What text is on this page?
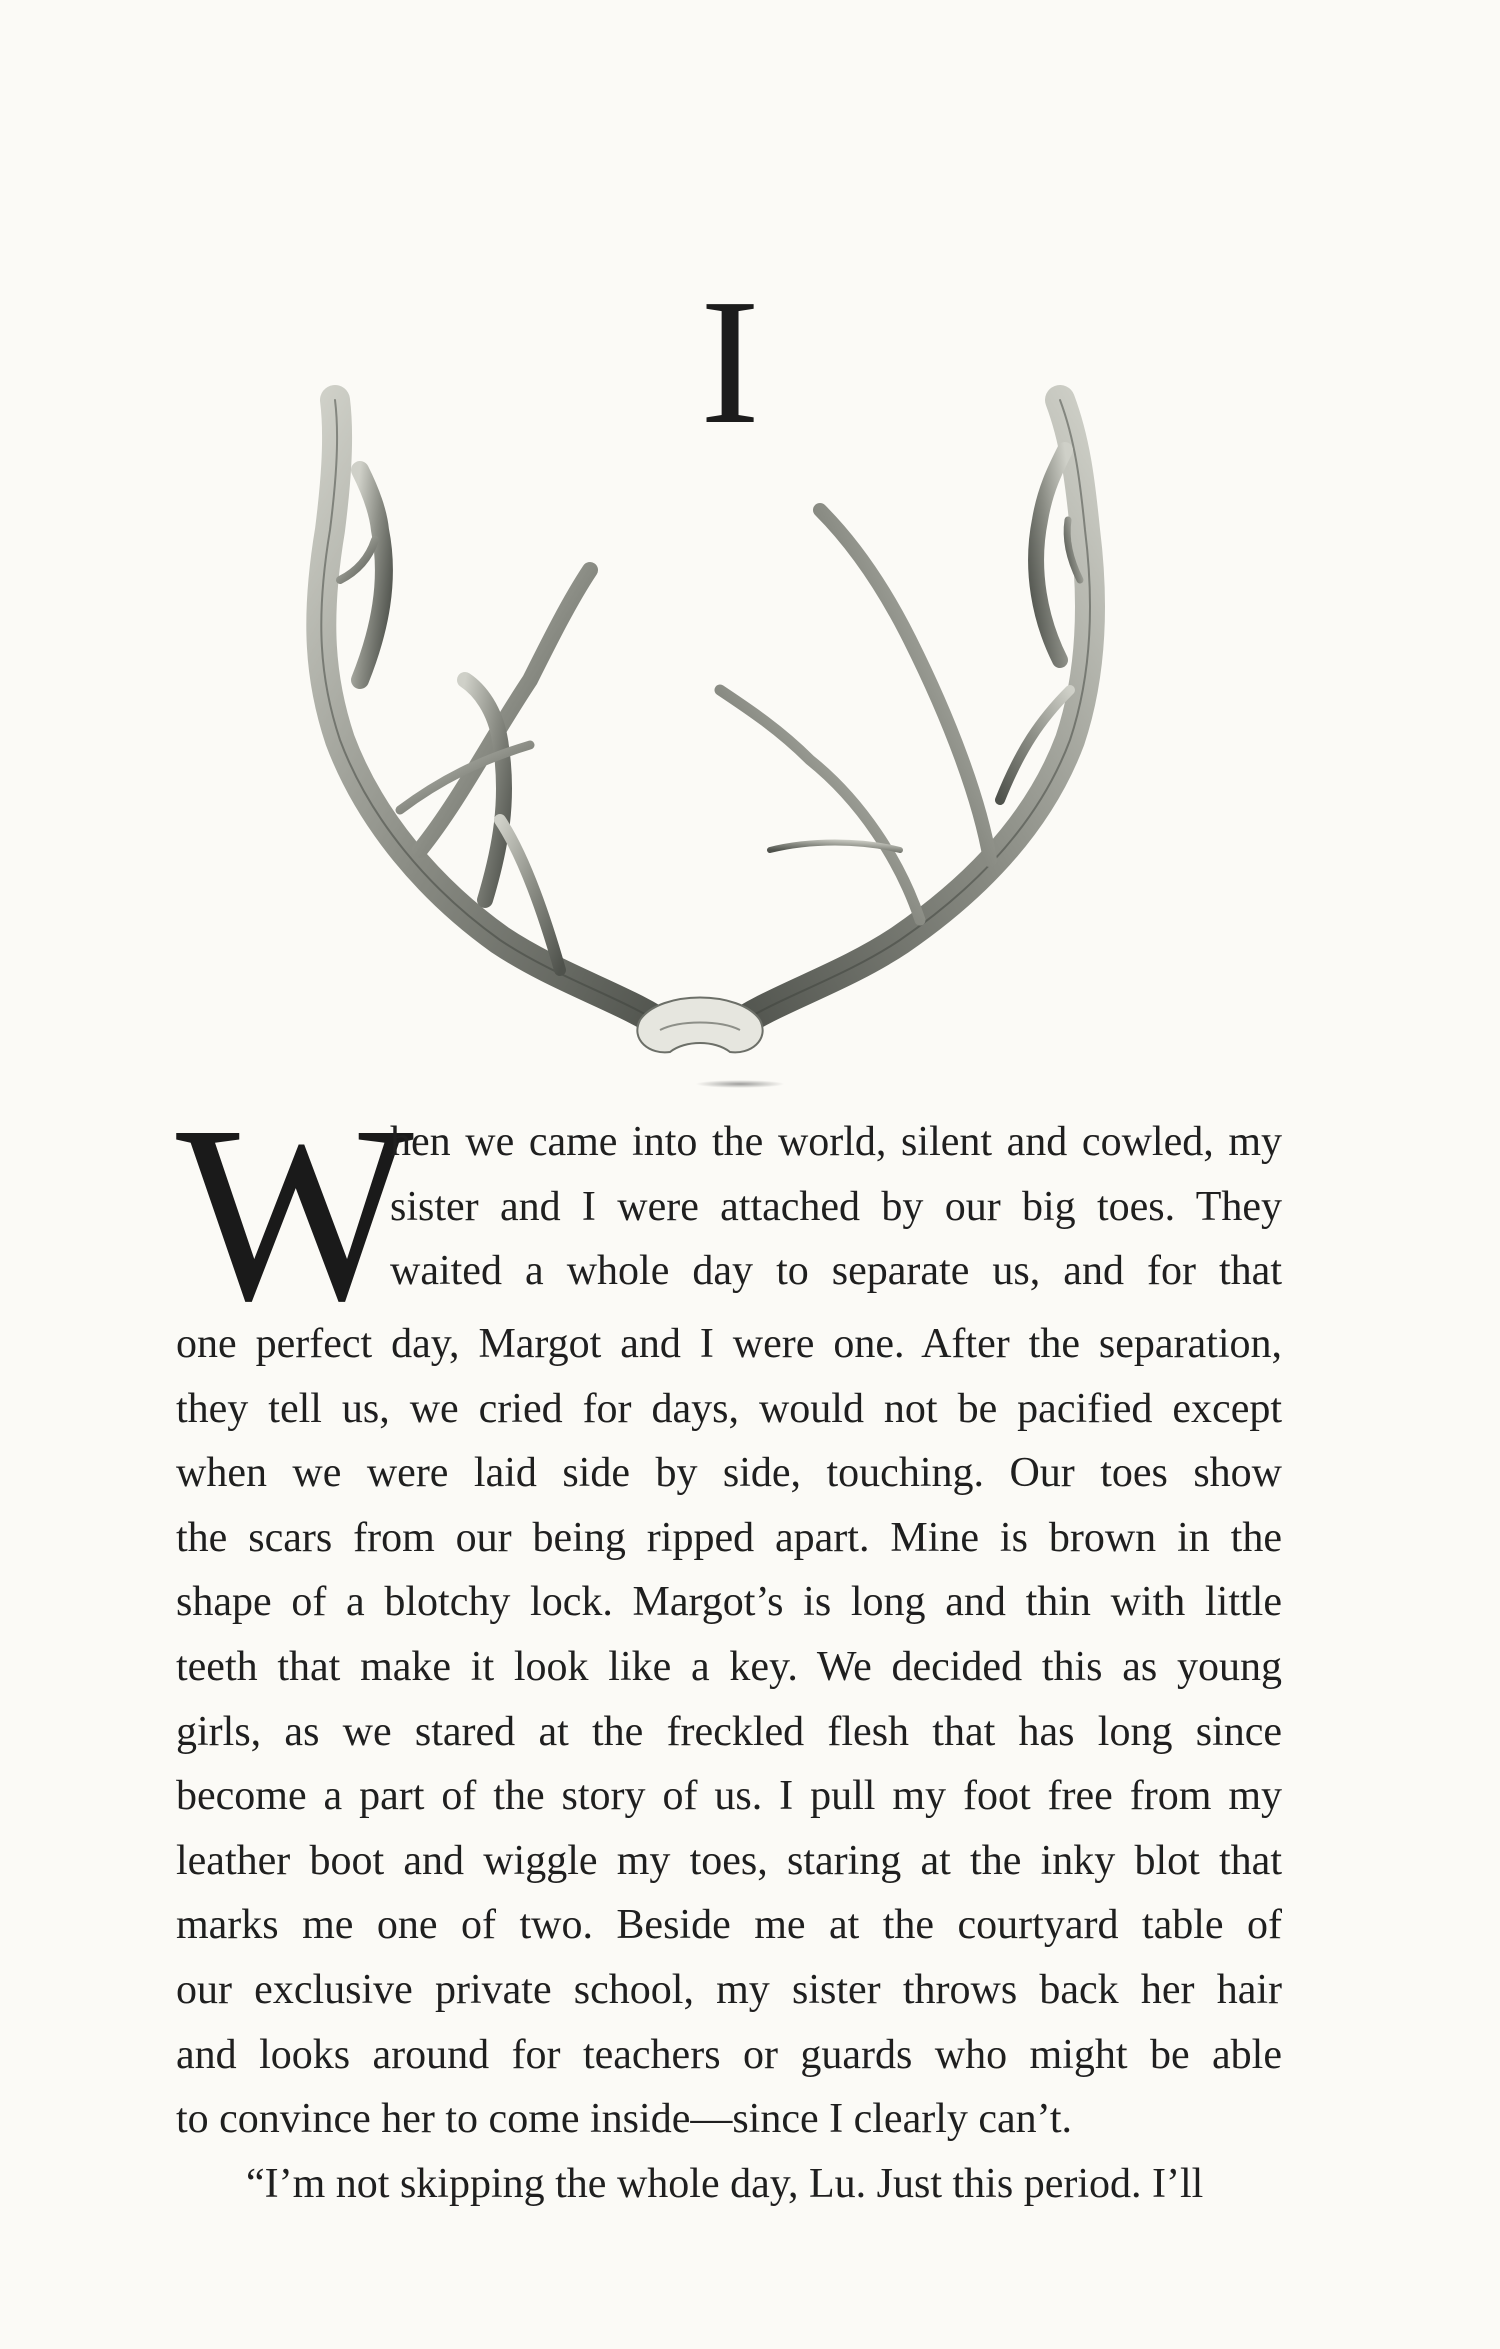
I
W
hen we came into the world, silent and cowled, my
sister and I were attached by our big toes. They
waited a whole day to separate us, and for that
one perfect day, Margot and I were one. After the separation,
they tell us, we cried for days, would not be pacified except
when we were laid side by side, touching. Our toes show
the scars from our being ripped apart. Mine is brown in the
shape of a blotchy lock. Margot’s is long and thin with little
teeth that make it look like a key. We decided this as young
girls, as we stared at the freckled flesh that has long since
become a part of the story of us. I pull my foot free from my
leather boot and wiggle my toes, staring at the inky blot that
marks me one of two. Beside me at the courtyard table of
our exclusive private school, my sister throws back her hair
and looks around for teachers or guards who might be able
to convince her to come inside—since I clearly can’t.
“I’m not skipping the whole day, Lu. Just this period. I’ll
